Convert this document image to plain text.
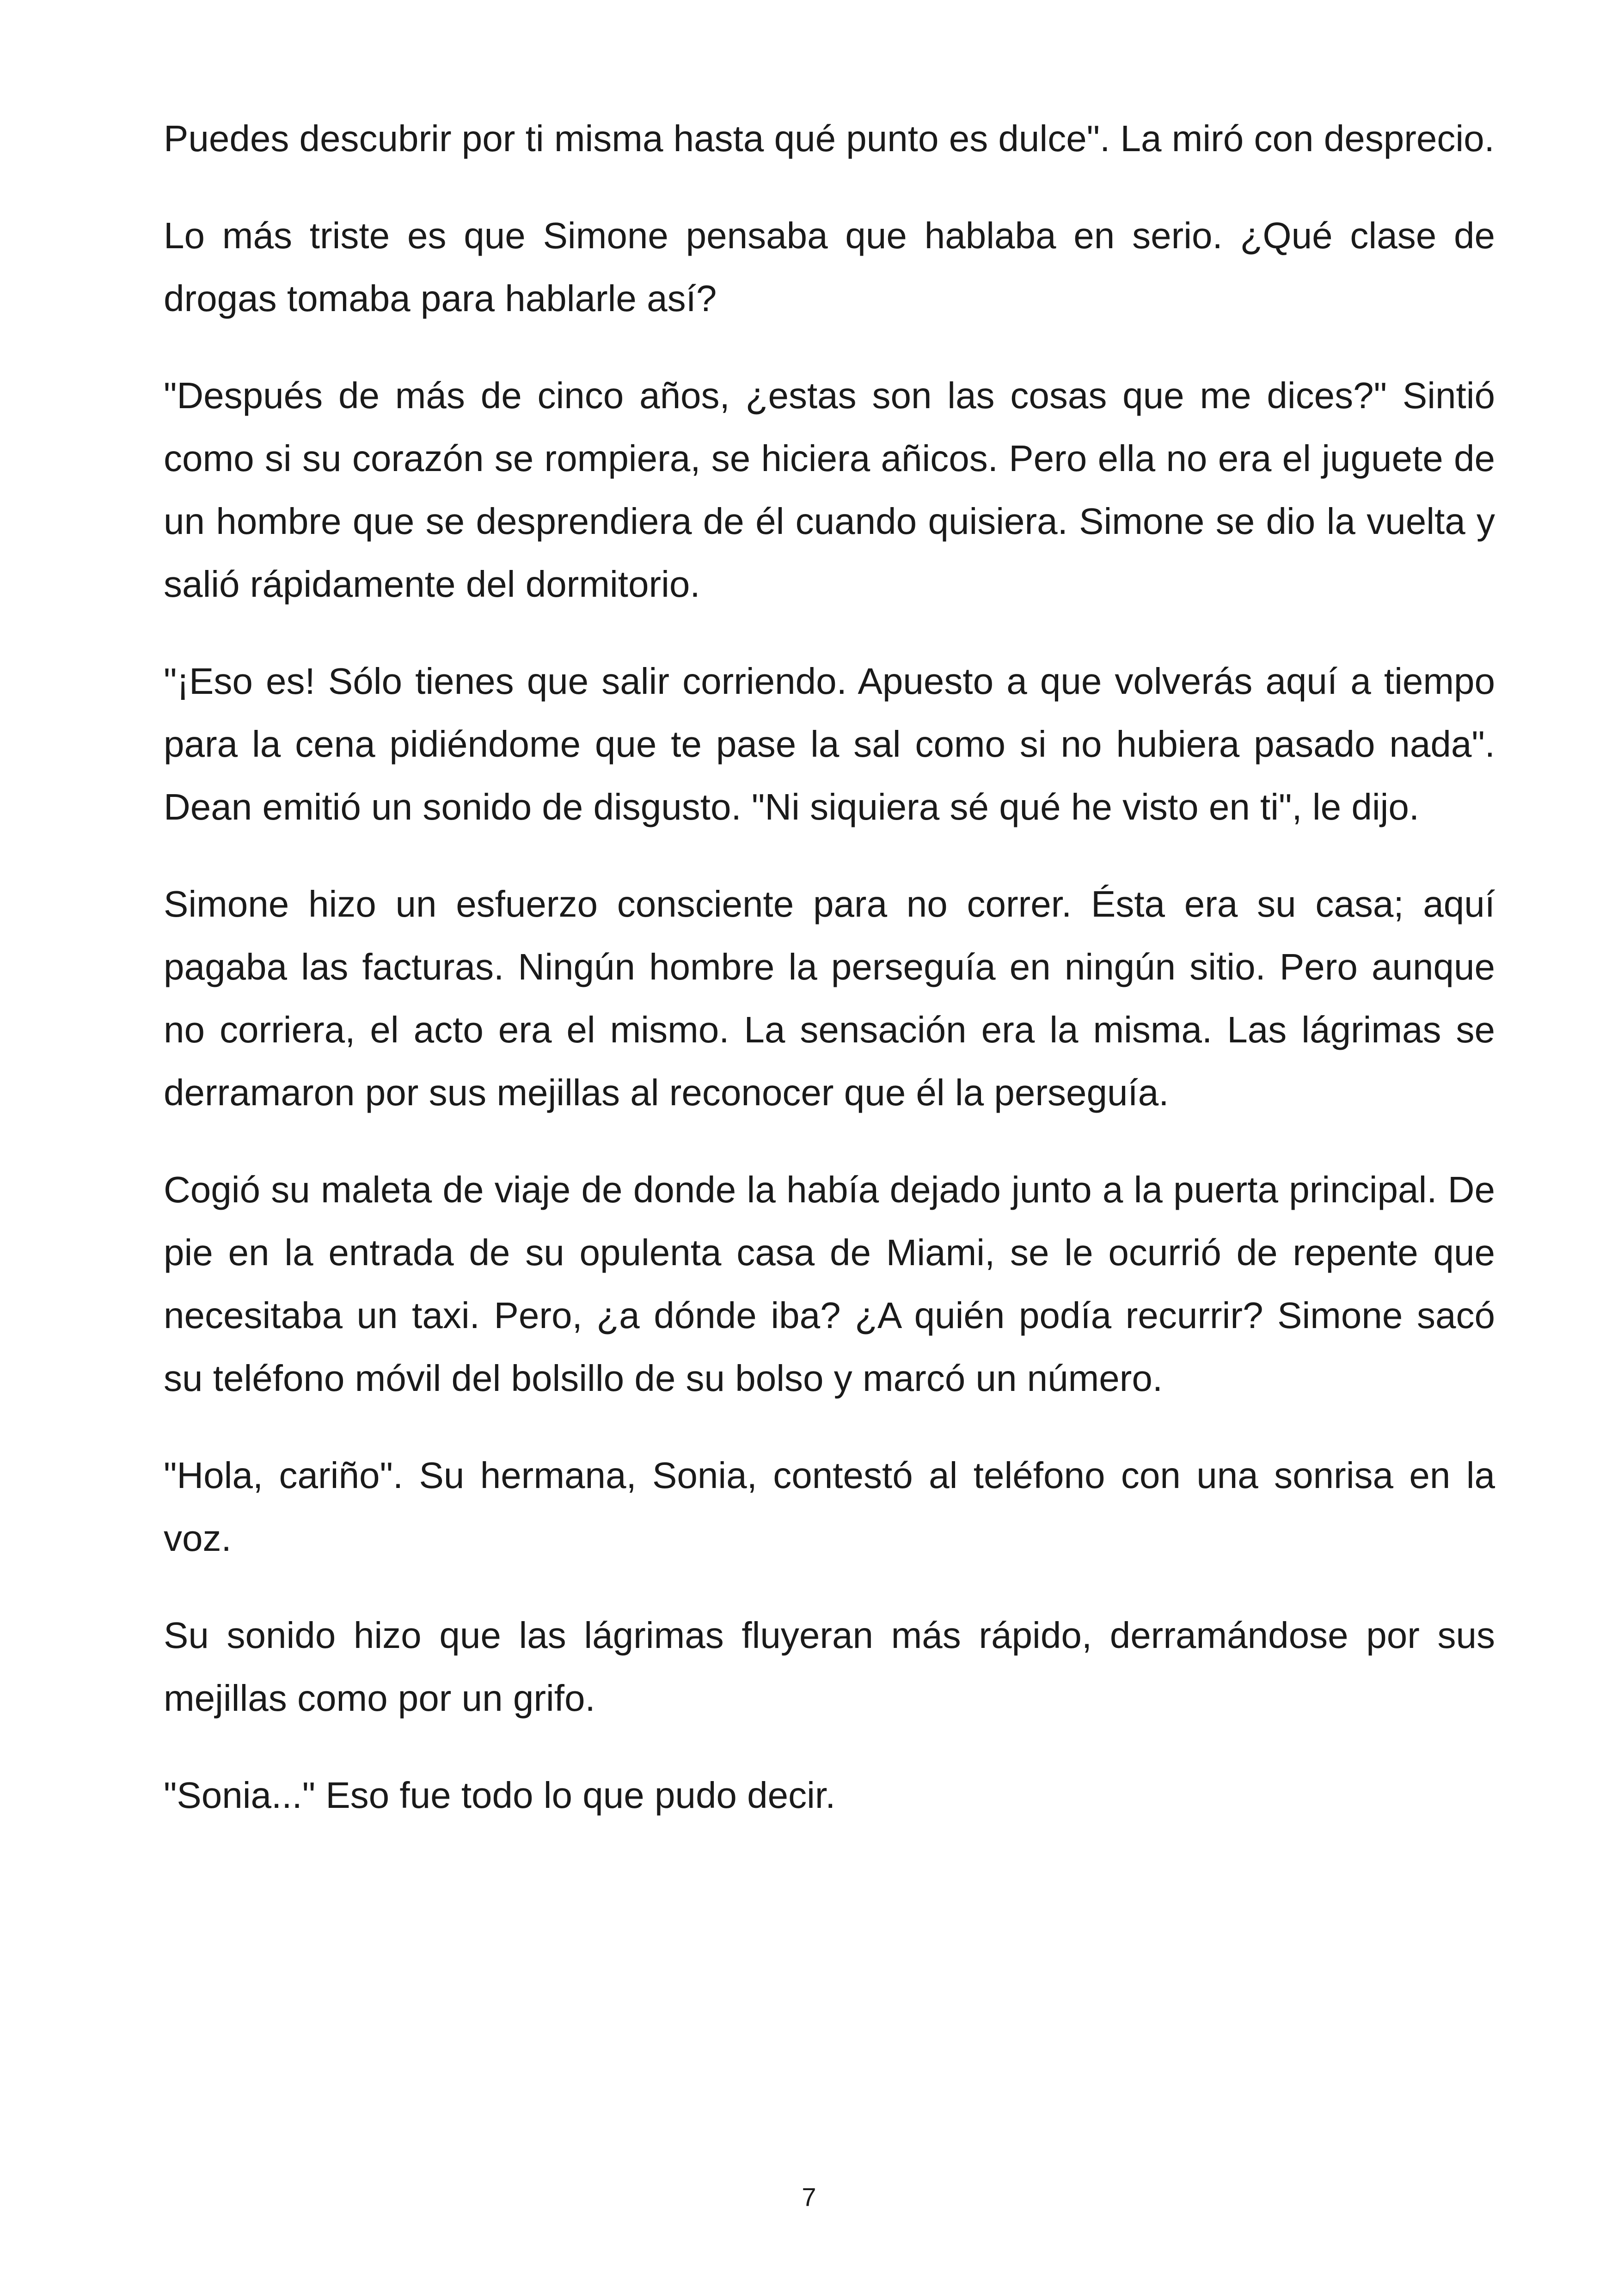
Puedes descubrir por ti misma hasta qué punto es dulce". La miró con desprecio.

Lo más triste es que Simone pensaba que hablaba en serio. ¿Qué clase de drogas tomaba para hablarle así?

"Después de más de cinco años, ¿estas son las cosas que me dices?" Sintió como si su corazón se rompiera, se hiciera añicos. Pero ella no era el juguete de un hombre que se desprendiera de él cuando quisiera. Simone se dio la vuelta y salió rápidamente del dormitorio.

"¡Eso es! Sólo tienes que salir corriendo. Apuesto a que volverás aquí a tiempo para la cena pidiéndome que te pase la sal como si no hubiera pasado nada". Dean emitió un sonido de disgusto. "Ni siquiera sé qué he visto en ti", le dijo.

Simone hizo un esfuerzo consciente para no correr. Ésta era su casa; aquí pagaba las facturas. Ningún hombre la perseguía en ningún sitio. Pero aunque no corriera, el acto era el mismo. La sensación era la misma. Las lágrimas se derramaron por sus mejillas al reconocer que él la perseguía.

Cogió su maleta de viaje de donde la había dejado junto a la puerta principal. De pie en la entrada de su opulenta casa de Miami, se le ocurrió de repente que necesitaba un taxi. Pero, ¿a dónde iba? ¿A quién podía recurrir? Simone sacó su teléfono móvil del bolsillo de su bolso y marcó un número.

"Hola, cariño". Su hermana, Sonia, contestó al teléfono con una sonrisa en la voz.

Su sonido hizo que las lágrimas fluyeran más rápido, derramándose por sus mejillas como por un grifo.

"Sonia..." Eso fue todo lo que pudo decir.

7
